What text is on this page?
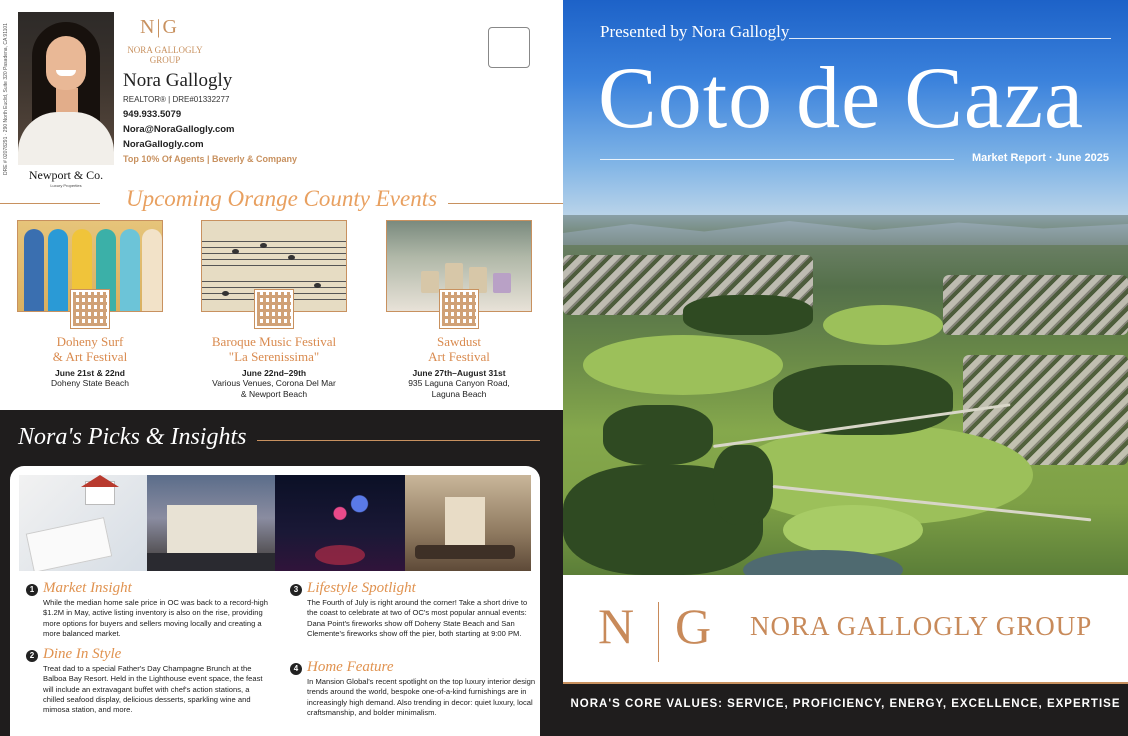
DRE # 02078291 · 290 North Euclid, Suite 320 Pasadena, CA 91101	Newport & Co.
Luxury Properties
N|G
NORA GALLOGLY GROUP
Nora Gallogly
REALTOR® | DRE#01332277
949.933.5079
Nora@NoraGallogly.com
NoraGallogly.com
Top 10% Of Agents | Beverly & Company
Upcoming Orange County Events
Doheny Surf
& Art Festival
June 21st & 22nd
Doheny State Beach
Baroque Music Festival
"La Serenissima"
June 22nd–29th
Various Venues, Corona Del Mar
& Newport Beach
Sawdust
Art Festival
June 27th–August 31st
935 Laguna Canyon Road,
Laguna Beach
Nora's Picks & Insights
1 Market Insight
While the median home sale price in OC was back to a record-high $1.2M in May, active listing inventory is also on the rise, providing more options for buyers and sellers moving locally and creating a more balanced market.
2 Dine In Style
Treat dad to a special Father's Day Champagne Brunch at the Balboa Bay Resort. Held in the Lighthouse event space, the feast will include an extravagant buffet with chef's action stations, a chilled seafood display, delicious desserts, sparkling wine and mimosa station, and more.
3 Lifestyle Spotlight
The Fourth of July is right around the corner! Take a short drive to the coast to celebrate at two of OC's most popular annual events: Dana Point's fireworks show off Doheny State Beach and San Clemente's fireworks show off the pier, both starting at 9:00 PM.
4 Home Feature
In Mansion Global's recent spotlight on the top luxury interior design trends around the world, bespoke one-of-a-kind furnishings are in increasingly high demand. Also trending in decor: quiet luxury, local craftsmanship, and bolder minimalism.
Presented by Nora Gallogly
Coto de Caza
Market Report · June 2025
N G NORA GALLOGLY GROUP
NORA'S CORE VALUES: SERVICE, PROFICIENCY, ENERGY, EXCELLENCE, EXPERTISE
